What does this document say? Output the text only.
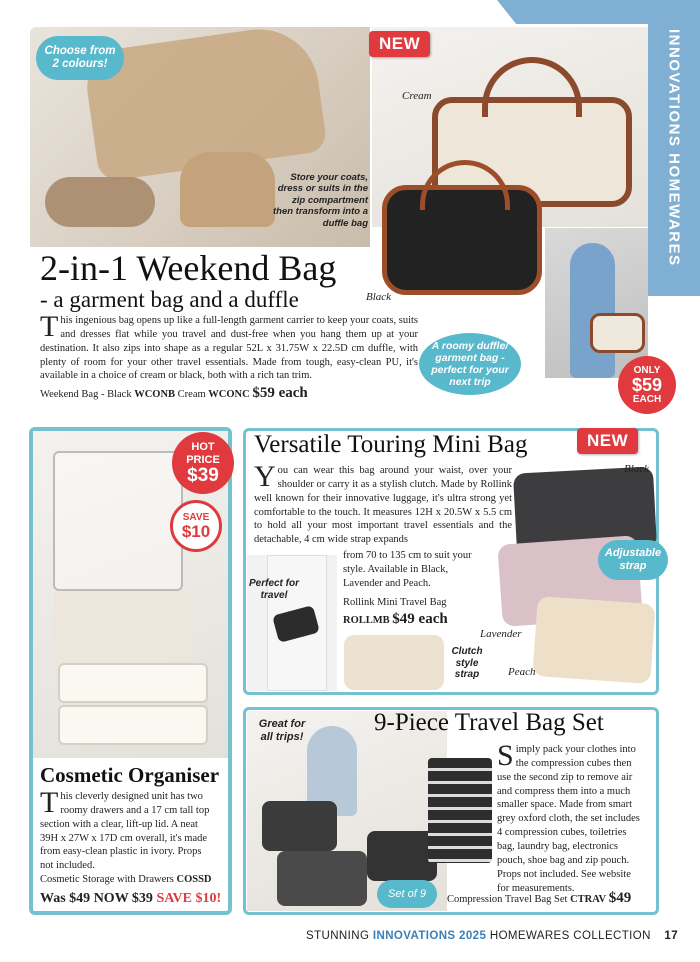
INNOVATIONS HOMEWARES
NEW
Choose from 2 colours!
Store your coats, dress or suits in the zip compartment then transform into a duffle bag
Cream
Black
A roomy duffle/ garment bag - perfect for your next trip
2-in-1 Weekend Bag
- a garment bag and a duffle
This ingenious bag opens up like a full-length garment carrier to keep your coats, suits and dresses flat while you travel and dust-free when you hang them up at your destination. It also zips into shape as a regular 52L x 31.75W x 22.5D cm duffle, with plenty of room for your other travel essentials. Made from tough, easy-clean PU, it's available in a choice of cream or black, both with a rich tan trim.
Weekend Bag - Black WCONB Cream WCONC $59 each
ONLY
$59
EACH
HOT
PRICE
$39
SAVE
$10
Cosmetic Organiser
This cleverly designed unit has two roomy drawers and a 17 cm tall top section with a clear, lift-up lid. A neat 39H x 27W x 17D cm overall, it's made from easy-clean plastic in ivory. Props not included.
Cosmetic Storage with Drawers COSSD
Was $49 NOW $39 SAVE $10!
NEW
Versatile Touring Mini Bag
You can wear this bag around your waist, over your shoulder or carry it as a stylish clutch. Made by Rollink well known for their innovative luggage, it's ultra strong yet comfortable to the touch. It measures 12H x 20.5W x 5.5 cm to hold all your most important travel essentials and the detachable, 4 cm wide strap expands
from 70 to 135 cm to suit your style. Available in Black, Lavender and Peach.
Rollink Mini Travel Bag
ROLLMB $49 each
Perfect for travel
Clutch style strap
Black
Lavender
Peach
Adjustable strap
Great for all trips!
9-Piece Travel Bag Set
Simply pack your clothes into the compression cubes then use the second zip to remove air and compress them into a much smaller space. Made from smart grey oxford cloth, the set includes 4 compression cubes, toiletries bag, laundry bag, electronics pouch, shoe bag and zip pouch. Props not included. See website for measurements.
Set of 9	Compression Travel Bag Set CTRAV $49
STUNNING INNOVATIONS 2025 HOMEWARES COLLECTION 17
